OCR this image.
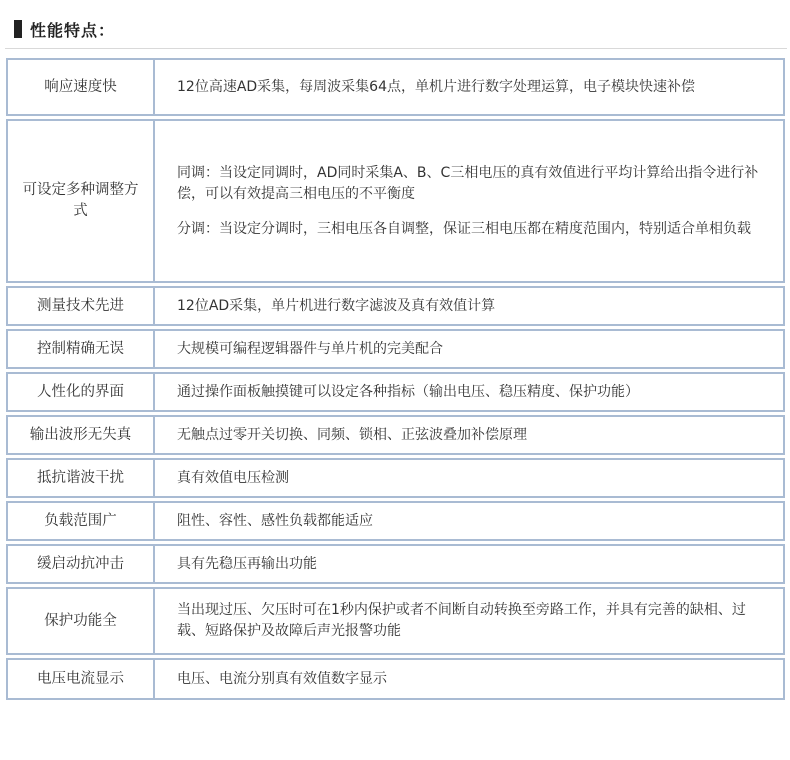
性能特点：
响应速度快	12位高速AD采集，每周波采集64点，单机片进行数字处理运算，电子模块快速补偿

可设定多种调整方式	同调：当设定同调时，AD同时采集A、B、C三相电压的真有效值进行平均计算给出指令进行补偿，可以有效提高三相电压的不平衡度
分调：当设定分调时，三相电压各自调整，保证三相电压都在精度范围内，特别适合单相负载

测量技术先进	12位AD采集，单片机进行数字滤波及真有效值计算

控制精确无误	大规模可编程逻辑器件与单片机的完美配合

人性化的界面	通过操作面板触摸键可以设定各种指标（输出电压、稳压精度、保护功能）

输出波形无失真	无触点过零开关切换、同频、锁相、正弦波叠加补偿原理

抵抗谐波干扰	真有效值电压检测

负载范围广	阻性、容性、感性负载都能适应

缓启动抗冲击	具有先稳压再输出功能

保护功能全	当出现过压、欠压时可在1秒内保护或者不间断自动转换至旁路工作，并具有完善的缺相、过载、短路保护及故障后声光报警功能

电压电流显示	电压、电流分别真有效值数字显示
